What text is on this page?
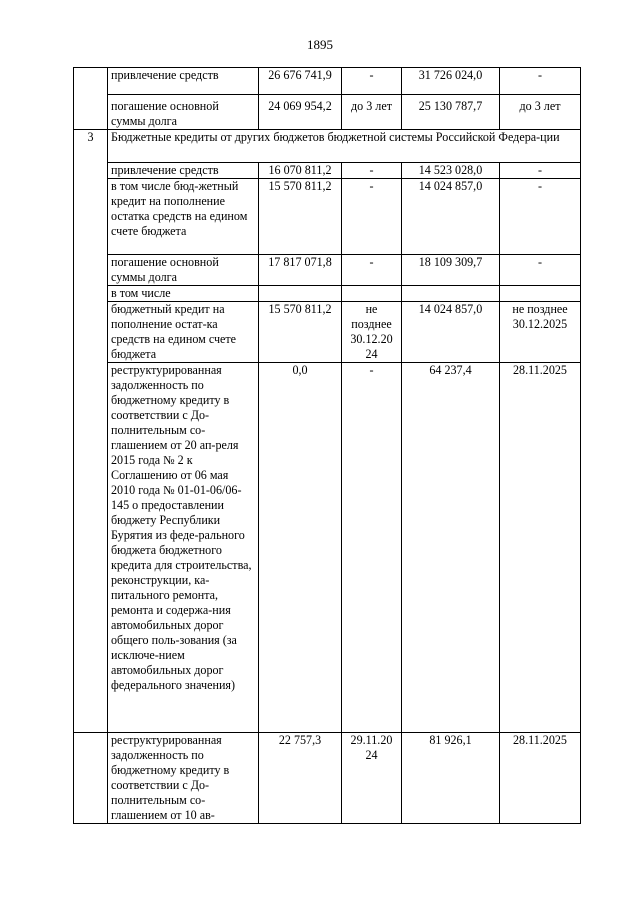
1895
	привлечение средств	26 676 741,9	-	31 726 024,0	-
	погашение основной суммы долга	24 069 954,2	до 3 лет	25 130 787,7	до 3 лет
3	Бюджетные кредиты от других бюджетов бюджетной системы Российской Федера-ции				
	привлечение средств	16 070 811,2	-	14 523 028,0	-
	в том числе бюд-жетный кредит на пополнение остатка средств на едином счете бюджета	15 570 811,2	-	14 024 857,0	-
	погашение основной суммы долга	17 817 071,8	-	18 109 309,7	-
	в том числе				
	бюджетный кредит на пополнение остат-ка средств на едином счете бюджета	15 570 811,2	не позднее 30.12.20 24	14 024 857,0	не позднее 30.12.2025
	реструктурированная задолженность по бюджетному кредиту в соответствии с До-полнительным со-глашением от 20 ап-реля 2015 года № 2 к Соглашению от 06 мая 2010 года № 01-01-06/06-145 о предоставлении бюджету Республики Бурятия из феде-рального бюджета бюджетного кредита для строительства, реконструкции, ка-питального ремонта, ремонта и содержа-ния автомобильных дорог общего поль-зования (за исключе-нием автомобильных дорог федерального значения)	0,0	-	64 237,4	28.11.2025
	реструктурированная задолженность по бюджетному кредиту в соответствии с До-полнительным со-глашением от 10 ав-	22 757,3	29.11.20 24	81 926,1	28.11.2025
